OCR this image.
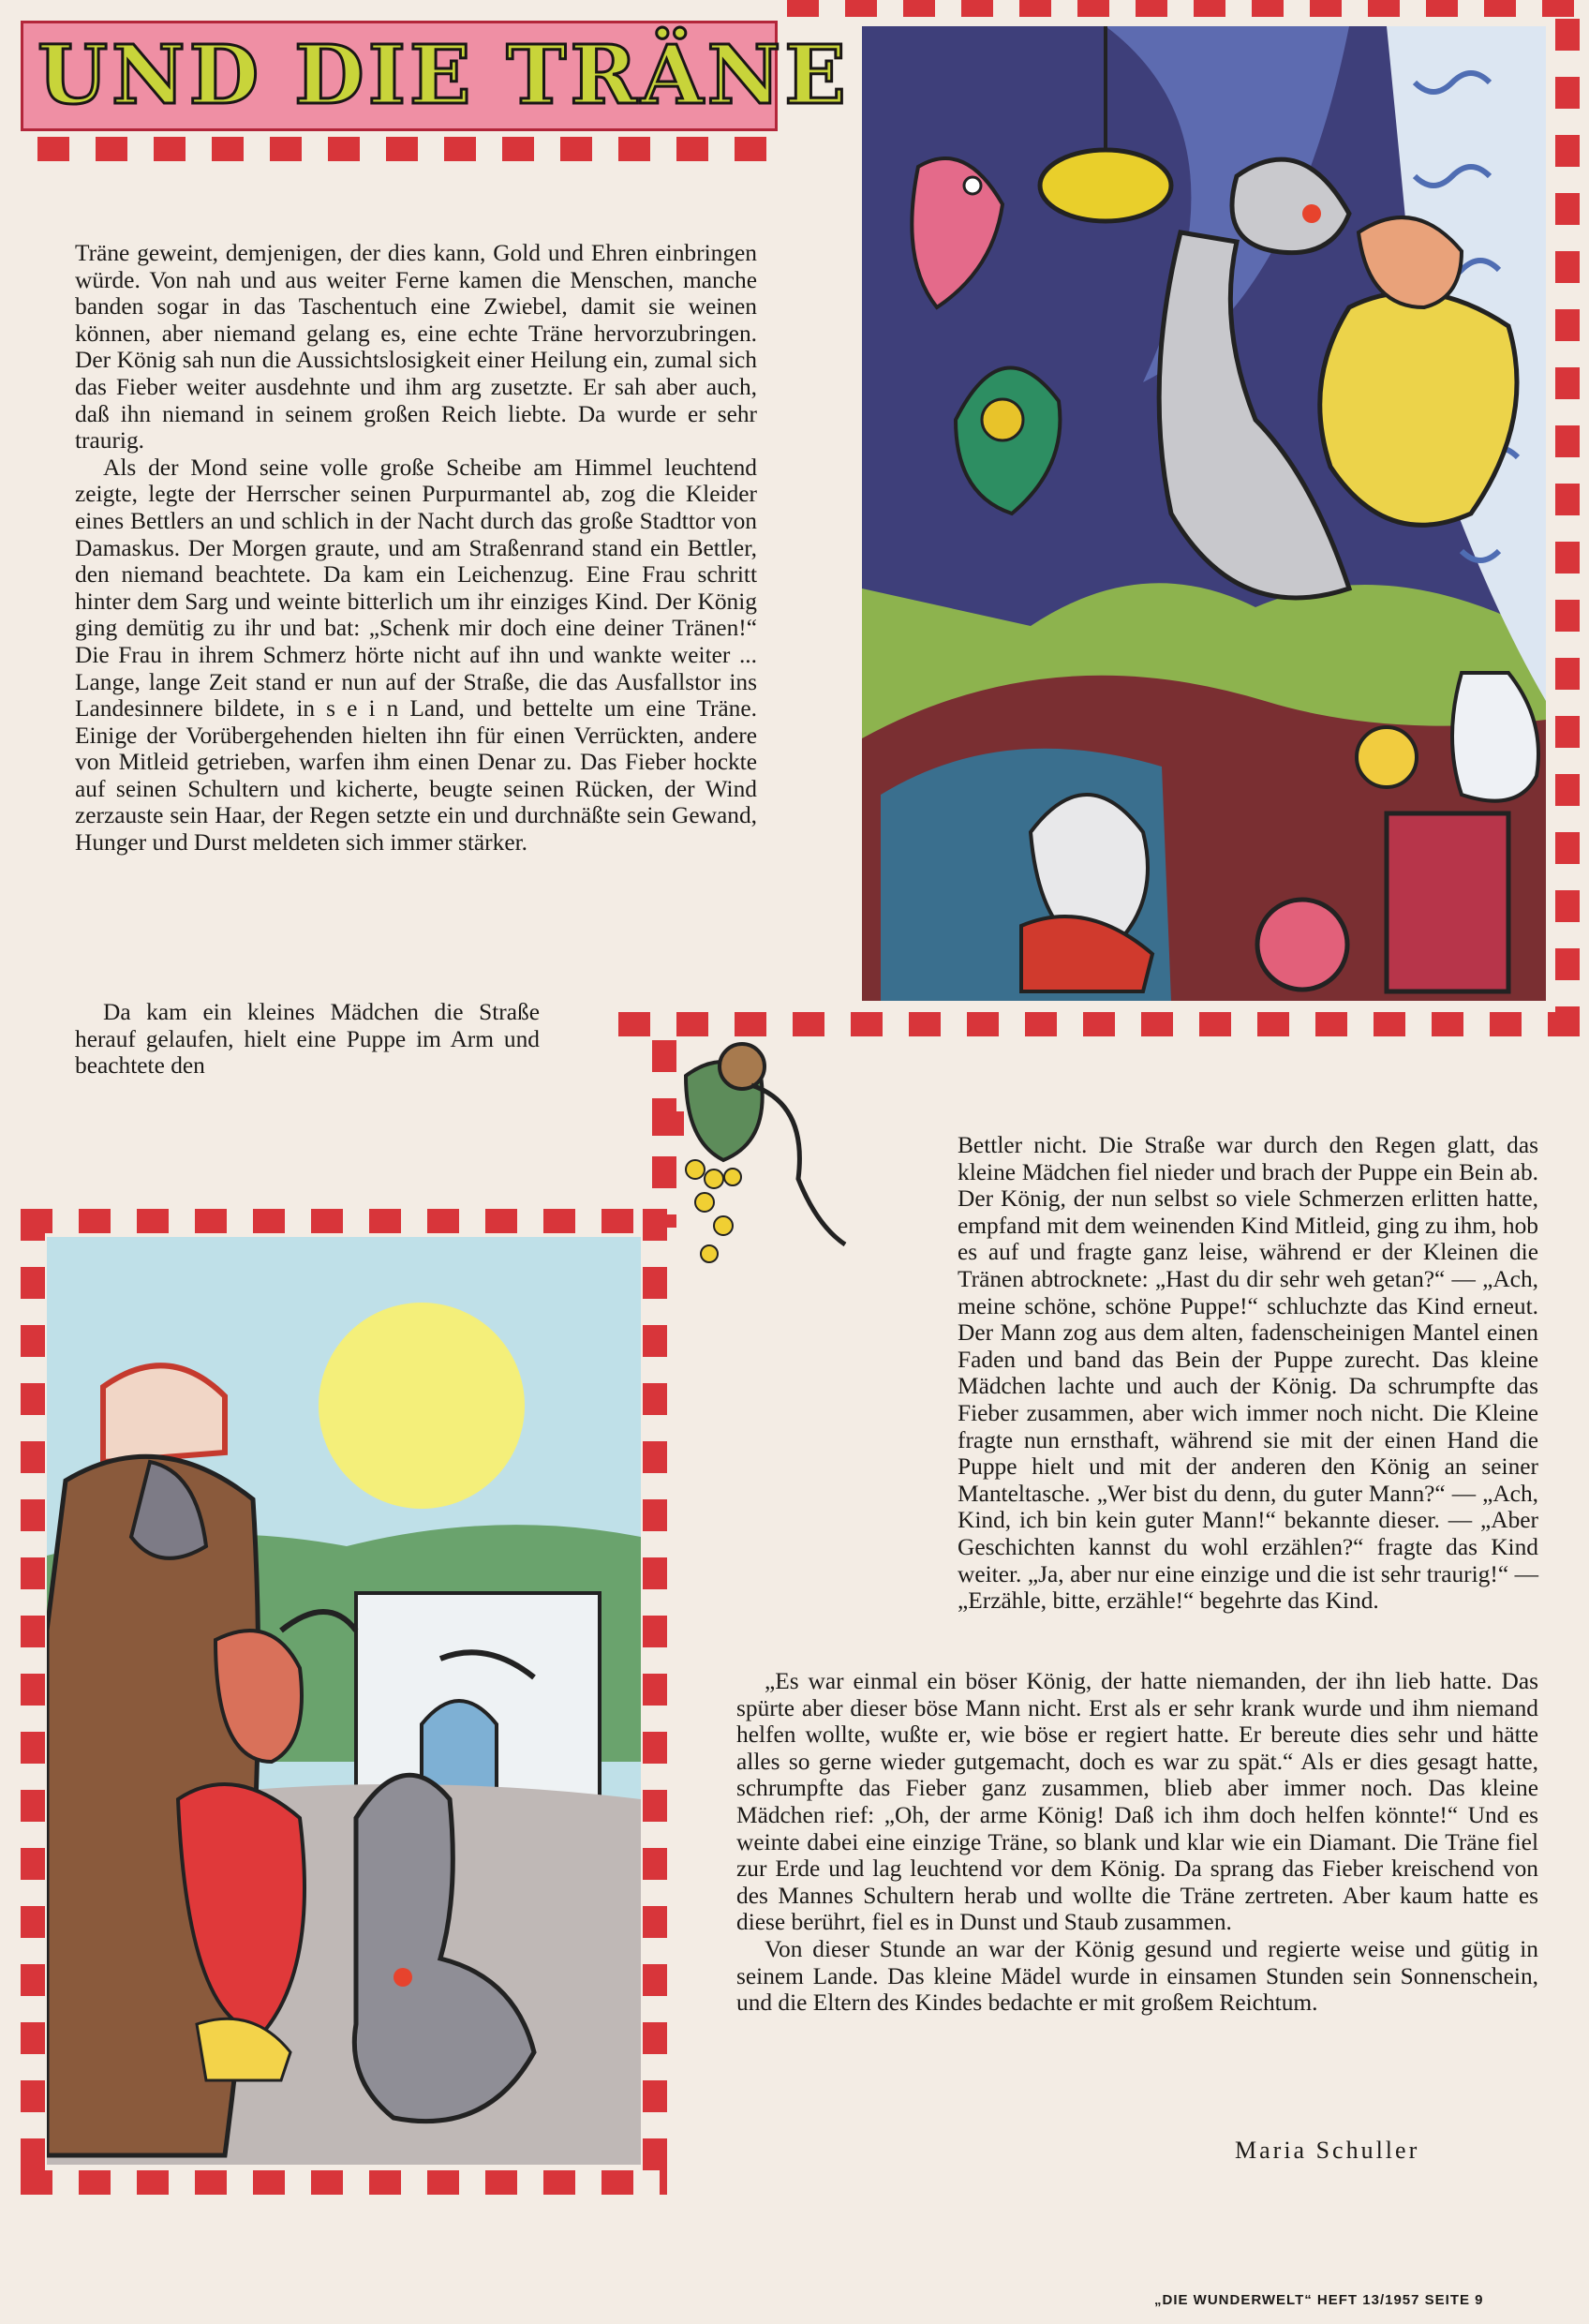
UND DIE TRÄNE

Träne geweint, demjenigen, der dies kann, Gold und Ehren einbringen würde. Von nah und aus weiter Ferne kamen die Menschen, manche banden sogar in das Taschentuch eine Zwiebel, damit sie weinen können, aber niemand gelang es, eine echte Träne hervorzubringen. Der König sah nun die Aussichtslosigkeit einer Heilung ein, zumal sich das Fieber weiter ausdehnte und ihm arg zusetzte. Er sah aber auch, daß ihn niemand in seinem großen Reich liebte. Da wurde er sehr traurig.

Als der Mond seine volle große Scheibe am Himmel leuchtend zeigte, legte der Herrscher seinen Purpurmantel ab, zog die Kleider eines Bettlers an und schlich in der Nacht durch das große Stadttor von Damaskus. Der Morgen graute, und am Straßenrand stand ein Bettler, den niemand beachtete. Da kam ein Leichenzug. Eine Frau schritt hinter dem Sarg und weinte bitterlich um ihr einziges Kind. Der König ging demütig zu ihr und bat: „Schenk mir doch eine deiner Tränen!“ Die Frau in ihrem Schmerz hörte nicht auf ihn und wankte weiter ... Lange, lange Zeit stand er nun auf der Straße, die das Ausfallstor ins Landesinnere bildete, in s e i n Land, und bettelte um eine Träne. Einige der Vorübergehenden hielten ihn für einen Verrückten, andere von Mitleid getrieben, warfen ihm einen Denar zu. Das Fieber hockte auf seinen Schultern und kicherte, beugte seinen Rücken, der Wind zerzauste sein Haar, der Regen setzte ein und durchnäßte sein Gewand, Hunger und Durst meldeten sich immer stärker.

Da kam ein kleines Mädchen die Straße herauf gelaufen, hielt eine Puppe im Arm und beachtete den

Bettler nicht. Die Straße war durch den Regen glatt, das kleine Mädchen fiel nieder und brach der Puppe ein Bein ab. Der König, der nun selbst so viele Schmerzen erlitten hatte, empfand mit dem weinenden Kind Mitleid, ging zu ihm, hob es auf und fragte ganz leise, während er der Kleinen die Tränen abtrocknete: „Hast du dir sehr weh getan?“ — „Ach, meine schöne, schöne Puppe!“ schluchzte das Kind erneut. Der Mann zog aus dem alten, fadenscheinigen Mantel einen Faden und band das Bein der Puppe zurecht. Das kleine Mädchen lachte und auch der König. Da schrumpfte das Fieber zusammen, aber wich immer noch nicht. Die Kleine fragte nun ernsthaft, während sie mit der einen Hand die Puppe hielt und mit der anderen den König an seiner Manteltasche. „Wer bist du denn, du guter Mann?“ — „Ach, Kind, ich bin kein guter Mann!“ bekannte dieser. — „Aber Geschichten kannst du wohl erzählen?“ fragte das Kind weiter. „Ja, aber nur eine einzige und die ist sehr traurig!“ — „Erzähle, bitte, erzähle!“ begehrte das Kind.

„Es war einmal ein böser König, der hatte niemanden, der ihn lieb hatte. Das spürte aber dieser böse Mann nicht. Erst als er sehr krank wurde und ihm niemand helfen wollte, wußte er, wie böse er regiert hatte. Er bereute dies sehr und hätte alles so gerne wieder gutgemacht, doch es war zu spät.“ Als er dies gesagt hatte, schrumpfte das Fieber ganz zusammen, blieb aber immer noch. Das kleine Mädchen rief: „Oh, der arme König! Daß ich ihm doch helfen könnte!“ Und es weinte dabei eine einzige Träne, so blank und klar wie ein Diamant. Die Träne fiel zur Erde und lag leuchtend vor dem König. Da sprang das Fieber kreischend von des Mannes Schultern herab und wollte die Träne zertreten. Aber kaum hatte es diese berührt, fiel es in Dunst und Staub zusammen.

Von dieser Stunde an war der König gesund und regierte weise und gütig in seinem Lande. Das kleine Mädel wurde in einsamen Stunden sein Sonnenschein, und die Eltern des Kindes bedachte er mit großem Reichtum.

Maria Schuller
„DIE WUNDERWELT“ HEFT 13/1957 SEITE 9
